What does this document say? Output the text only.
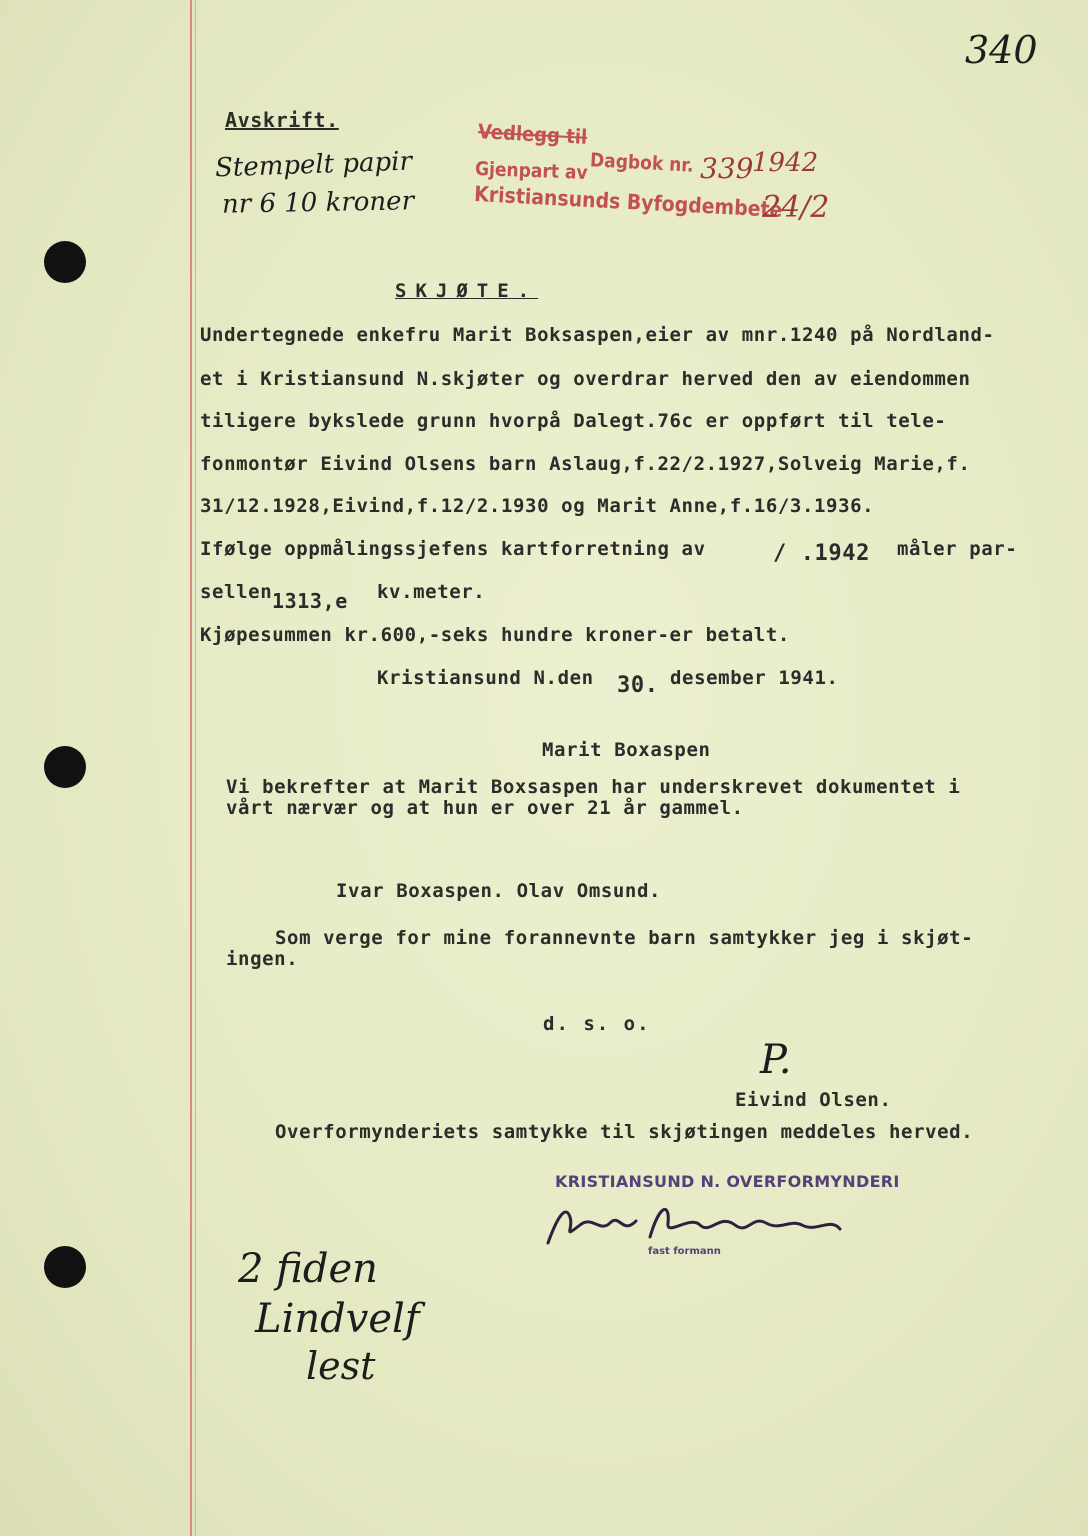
340
Avskrift.
Stempelt papir
nr 6 10 kroner
Vedlegg til
Gjenpart av Dagbok nr. 339
1942
Kristiansunds Byfogdembete
24/2
SKJØTE.
Undertegnede enkefru Marit Boksaspen,eier av mnr.1240 på Nordland-
et i Kristiansund N.skjøter og overdrar herved den av eiendommen
tiligere bykslede grunn hvorpå Dalegt.76c er oppført til tele-
fonmontør Eivind Olsens barn Aslaug,f.22/2.1927,Solveig Marie,f.
31/12.1928,Eivind,f.12/2.1930 og Marit Anne,f.16/3.1936.
Ifølge oppmålingssjefens kartforretning av	/ .1942 måler par-
sellen 1313,e kv.meter.
Kjøpesummen kr.600,-seks hundre kroner-er betalt.
Kristiansund N.den 30. desember 1941.
Marit Boxaspen
Vi bekrefter at Marit Boxsaspen har underskrevet dokumentet i
vårt nærvær og at hun er over 21 år gammel.
Ivar Boxaspen. Olav Omsund.
Som verge for mine forannevnte barn samtykker jeg i skjøt-
ingen.
d. s. o.
P.
Eivind Olsen.
Overformynderiets samtykke til skjøtingen meddeles herved.
KRISTIANSUND N. OVERFORMYNDERI
fast formann
2 fiden
Lindvelf
lest
